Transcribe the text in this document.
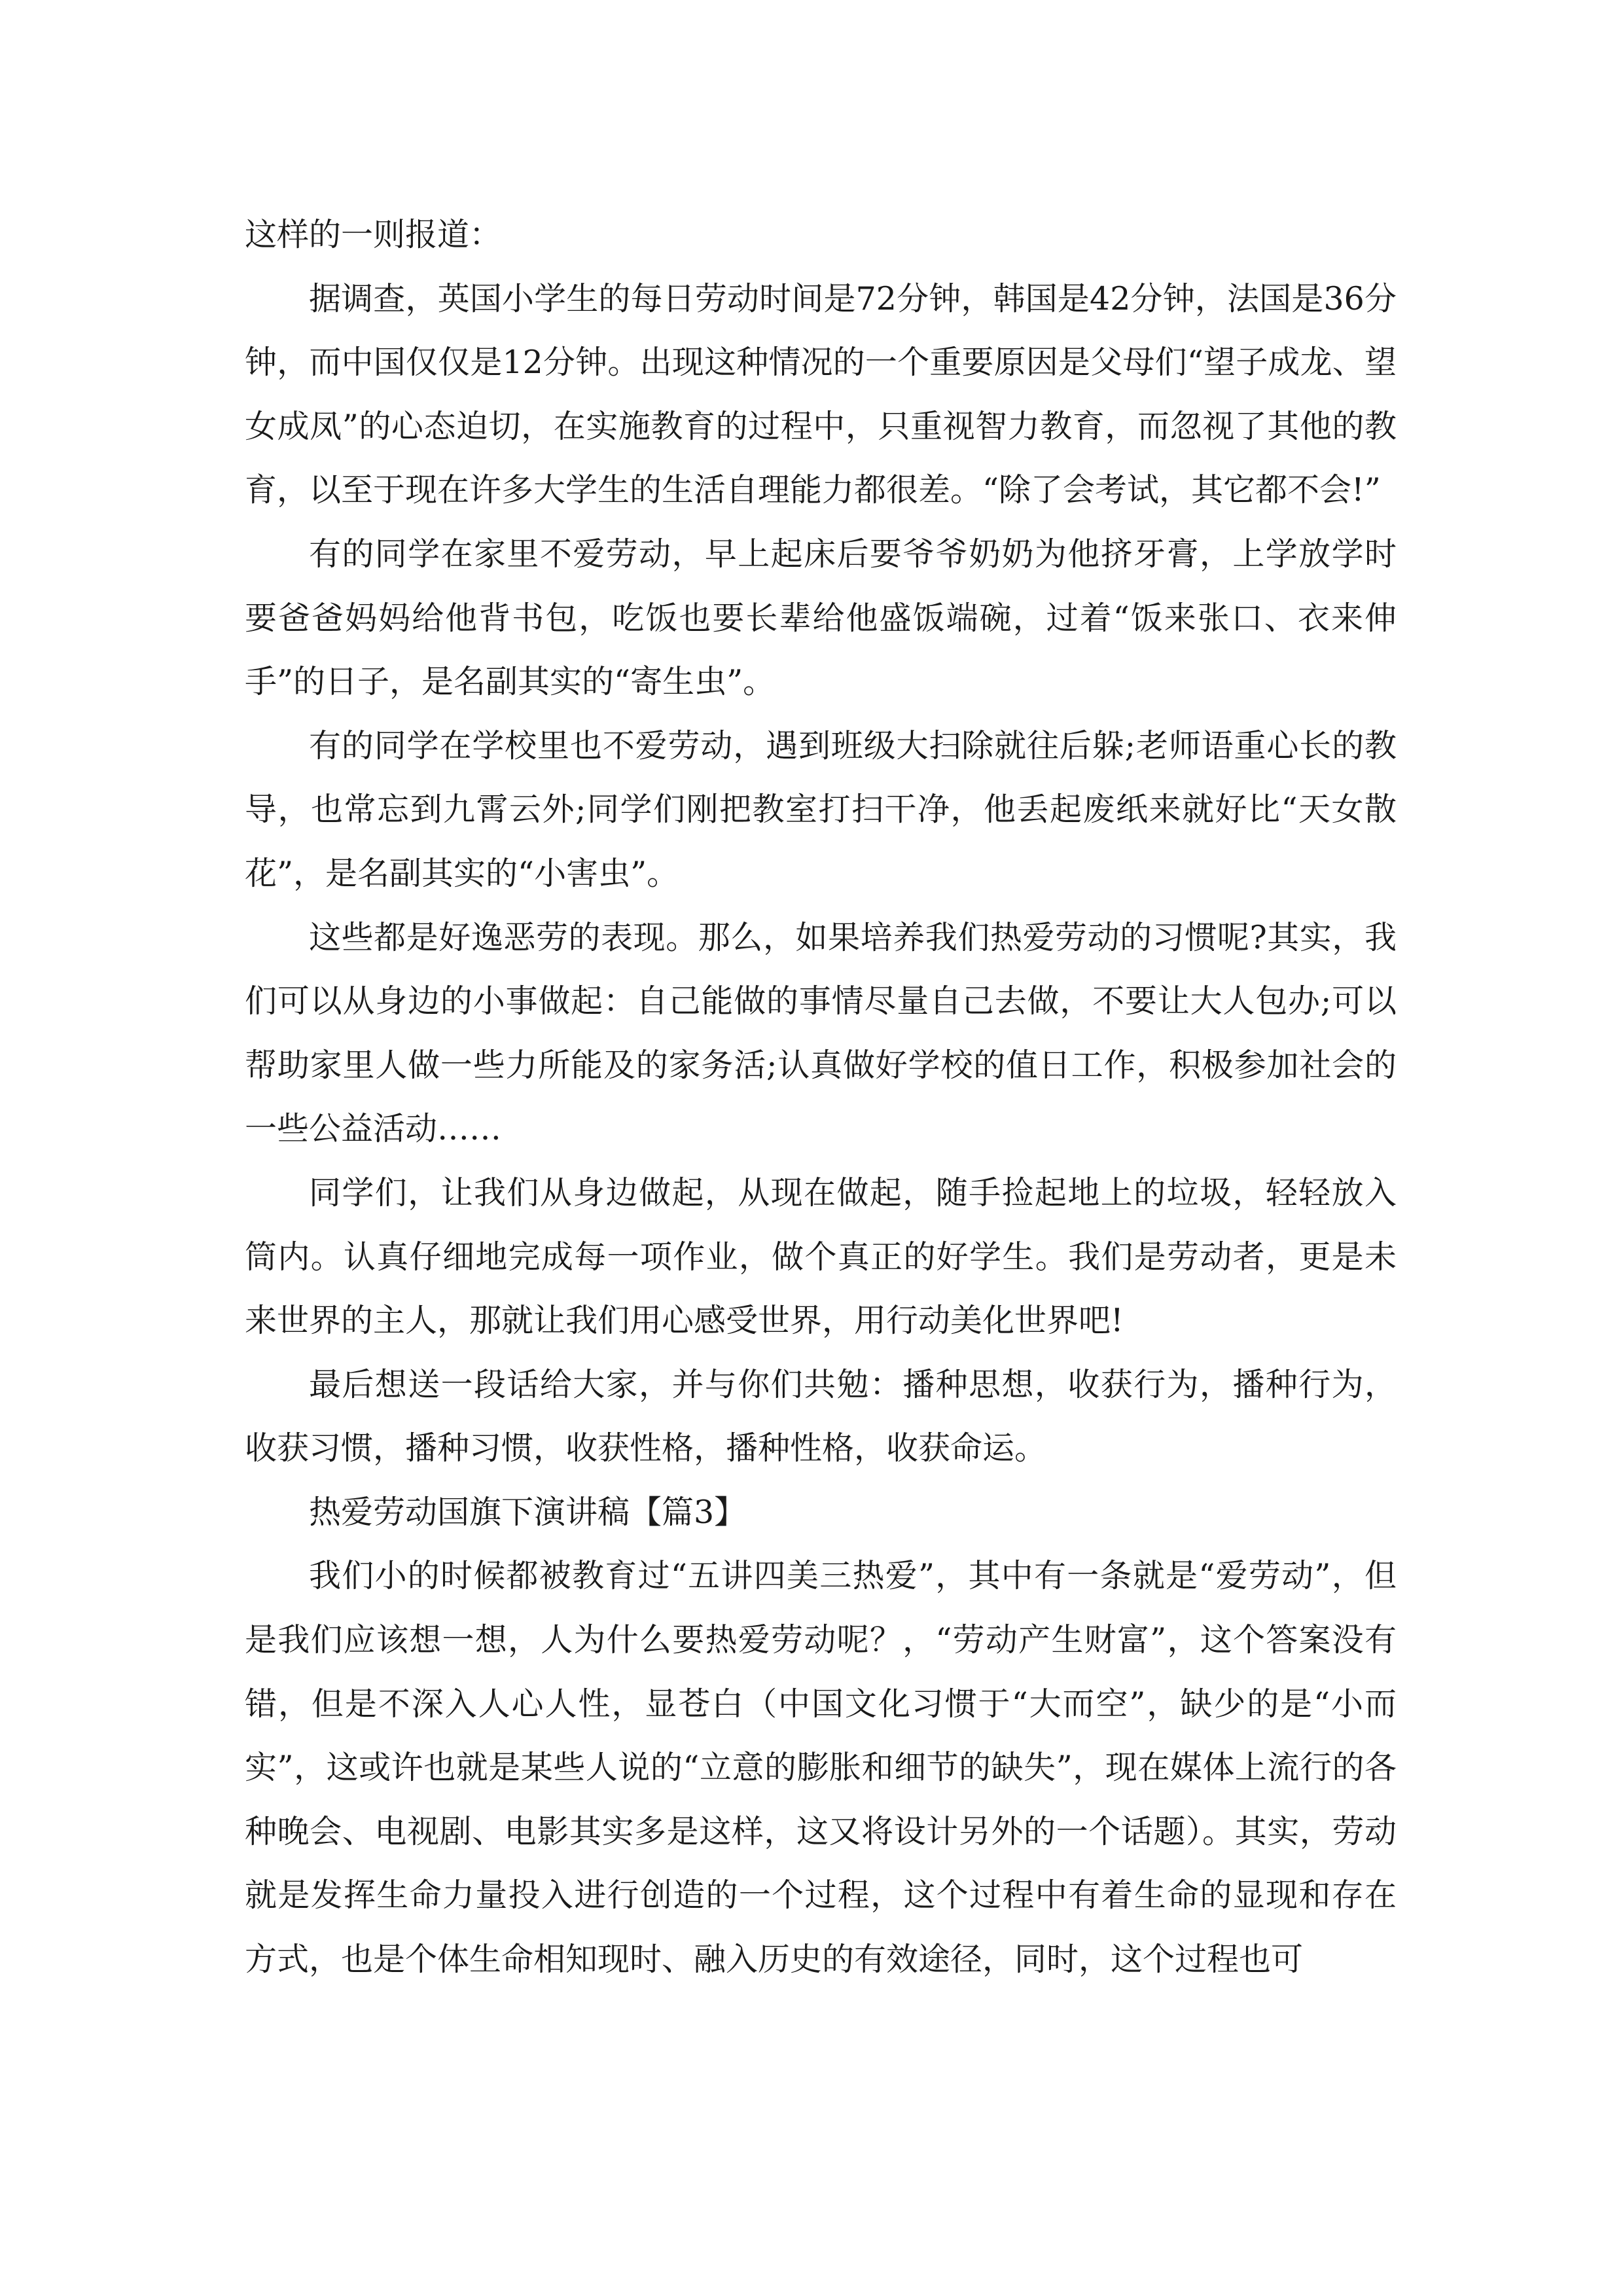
这样的一则报道：

据调查，英国小学生的每日劳动时间是72分钟，韩国是42分钟，法国是36分钟，而中国仅仅是12分钟。出现这种情况的一个重要原因是父母们“望子成龙、望女成凤”的心态迫切，在实施教育的过程中，只重视智力教育，而忽视了其他的教育，以至于现在许多大学生的生活自理能力都很差。“除了会考试，其它都不会!”

有的同学在家里不爱劳动，早上起床后要爷爷奶奶为他挤牙膏，上学放学时要爸爸妈妈给他背书包，吃饭也要长辈给他盛饭端碗，过着“饭来张口、衣来伸手”的日子，是名副其实的“寄生虫”。

有的同学在学校里也不爱劳动，遇到班级大扫除就往后躲;老师语重心长的教导，也常忘到九霄云外;同学们刚把教室打扫干净，他丢起废纸来就好比“天女散花”，是名副其实的“小害虫”。

这些都是好逸恶劳的表现。那么，如果培养我们热爱劳动的习惯呢?其实，我们可以从身边的小事做起：自己能做的事情尽量自己去做，不要让大人包办;可以帮助家里人做一些力所能及的家务活;认真做好学校的值日工作，积极参加社会的一些公益活动……

同学们，让我们从身边做起，从现在做起，随手捡起地上的垃圾，轻轻放入筒内。认真仔细地完成每一项作业，做个真正的好学生。我们是劳动者，更是未来世界的主人，那就让我们用心感受世界，用行动美化世界吧!

最后想送一段话给大家，并与你们共勉：播种思想，收获行为，播种行为，收获习惯，播种习惯，收获性格，播种性格，收获命运。

热爱劳动国旗下演讲稿【篇3】

我们小的时候都被教育过“五讲四美三热爱”，其中有一条就是“爱劳动”，但是我们应该想一想，人为什么要热爱劳动呢？，“劳动产生财富”，这个答案没有错，但是不深入人心人性，显苍白（中国文化习惯于“大而空”，缺少的是“小而实”，这或许也就是某些人说的“立意的膨胀和细节的缺失”，现在媒体上流行的各种晚会、电视剧、电影其实多是这样，这又将设计另外的一个话题）。其实，劳动就是发挥生命力量投入进行创造的一个过程，这个过程中有着生命的显现和存在方式，也是个体生命相知现时、融入历史的有效途径，同时，这个过程也可
